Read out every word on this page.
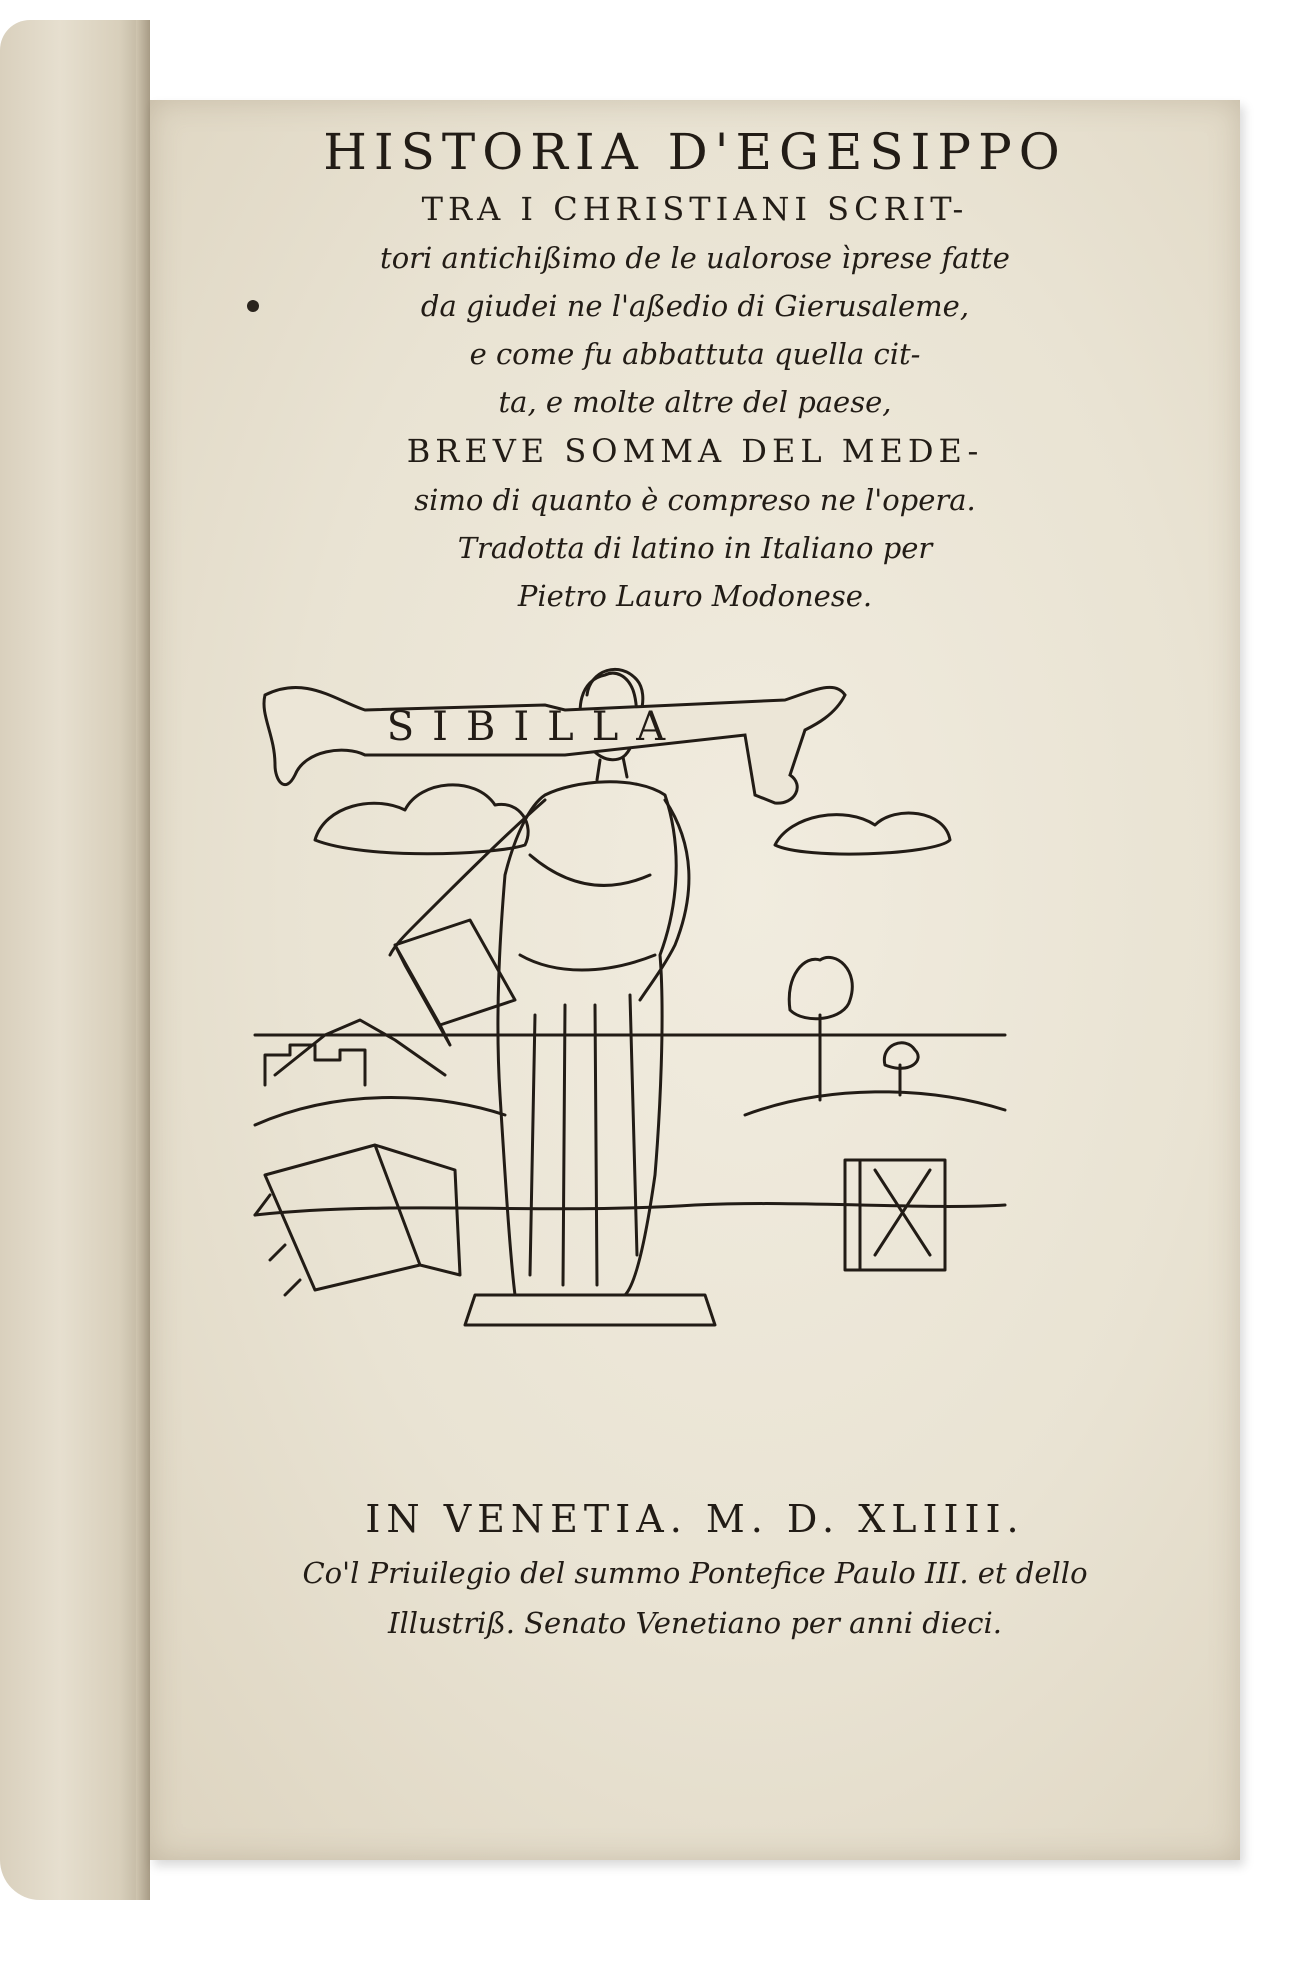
HISTORIA D'EGESIPPO

TRA I CHRISTIANI SCRIT-

tori antichißimo de le ualorose ìprese fatte

da giudei ne l'aßedio di Gierusaleme,

e come fu abbattuta quella cit-

ta, e molte altre del paese,

BREVE SOMMA DEL MEDE-

simo di quanto è compreso ne l'opera.

Tradotta di latino in Italiano per

Pietro Lauro Modonese.

SIBILLA

IN VENETIA. M. D. XLIIII.

Co'l Priuilegio del summo Pontefice Paulo III. et dello

Illustriß. Senato Venetiano per anni dieci.
